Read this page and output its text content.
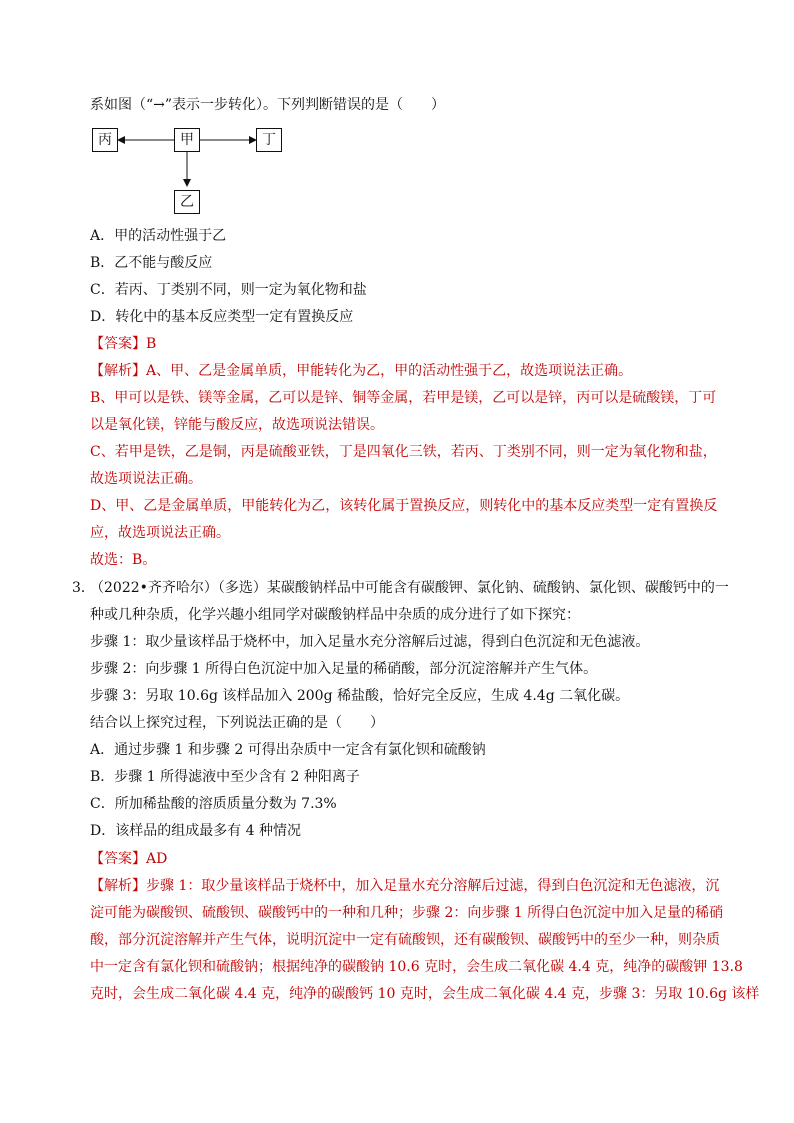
系如图（“→”表示一步转化）。下列判断错误的是（　　）
丙	甲	丁
乙
A．甲的活动性强于乙
B．乙不能与酸反应
C．若丙、丁类别不同，则一定为氧化物和盐
D．转化中的基本反应类型一定有置换反应
【答案】B
【解析】A、甲、乙是金属单质，甲能转化为乙，甲的活动性强于乙，故选项说法正确。
B、甲可以是铁、镁等金属，乙可以是锌、铜等金属，若甲是镁，乙可以是锌，丙可以是硫酸镁，丁可
以是氧化镁，锌能与酸反应，故选项说法错误。
C、若甲是铁，乙是铜，丙是硫酸亚铁，丁是四氧化三铁，若丙、丁类别不同，则一定为氧化物和盐，
故选项说法正确。
D、甲、乙是金属单质，甲能转化为乙，该转化属于置换反应，则转化中的基本反应类型一定有置换反
应，故选项说法正确。
故选：B。
3．
（2022•齐齐哈尔）（多选）某碳酸钠样品中可能含有碳酸钾、氯化钠、硫酸钠、氯化钡、碳酸钙中的一
种或几种杂质，化学兴趣小组同学对碳酸钠样品中杂质的成分进行了如下探究：
步骤 1：取少量该样品于烧杯中，加入足量水充分溶解后过滤，得到白色沉淀和无色滤液。
步骤 2：向步骤 1 所得白色沉淀中加入足量的稀硝酸，部分沉淀溶解并产生气体。
步骤 3：另取 10.6g 该样品加入 200g 稀盐酸，恰好完全反应，生成 4.4g 二氧化碳。
结合以上探究过程，下列说法正确的是（　　）
A．通过步骤 1 和步骤 2 可得出杂质中一定含有氯化钡和硫酸钠
B．步骤 1 所得滤液中至少含有 2 种阳离子
C．所加稀盐酸的溶质质量分数为 7.3%
D．该样品的组成最多有 4 种情况
【答案】AD
【解析】步骤 1：取少量该样品于烧杯中，加入足量水充分溶解后过滤，得到白色沉淀和无色滤液，沉
淀可能为碳酸钡、硫酸钡、碳酸钙中的一种和几种；步骤 2：向步骤 1 所得白色沉淀中加入足量的稀硝
酸，部分沉淀溶解并产生气体，说明沉淀中一定有硫酸钡，还有碳酸钡、碳酸钙中的至少一种，则杂质
中一定含有氯化钡和硫酸钠；根据纯净的碳酸钠 10.6 克时，会生成二氧化碳 4.4 克，纯净的碳酸钾 13.8
克时，会生成二氧化碳 4.4 克，纯净的碳酸钙 10 克时，会生成二氧化碳 4.4 克，步骤 3：另取 10.6g 该样
